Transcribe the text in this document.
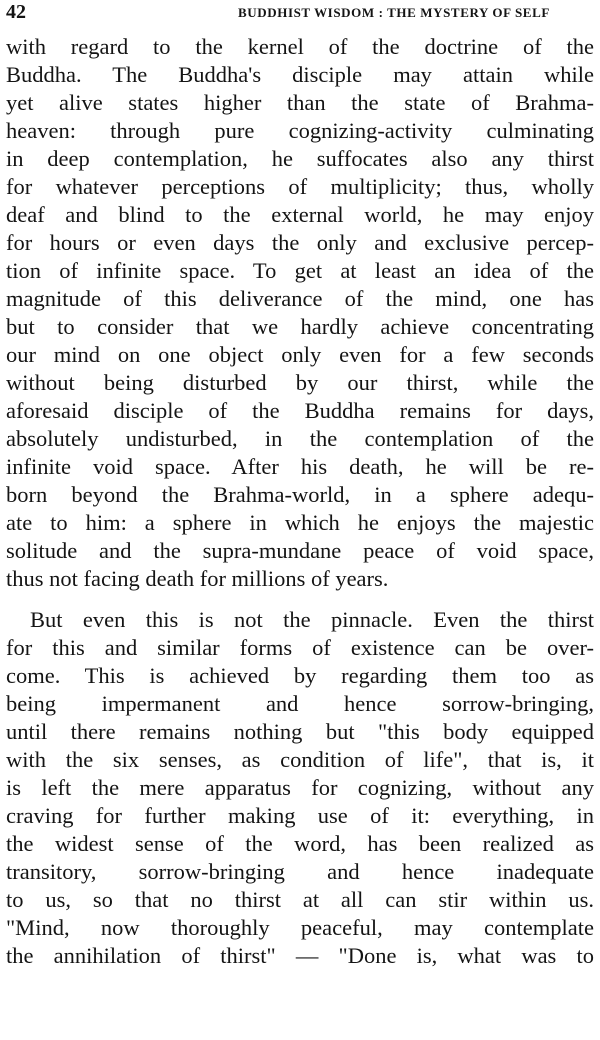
42	BUDDHIST WISDOM : THE MYSTERY OF SELF
with regard to the kernel of the doctrine of the
Buddha. The Buddha's disciple may attain while
yet alive states higher than the state of Brahma-
heaven: through pure cognizing-activity culminating
in deep contemplation, he suffocates also any thirst
for whatever perceptions of multiplicity; thus, wholly
deaf and blind to the external world, he may enjoy
for hours or even days the only and exclusive percep-
tion of infinite space. To get at least an idea of the
magnitude of this deliverance of the mind, one has
but to consider that we hardly achieve concentrating
our mind on one object only even for a few seconds
without being disturbed by our thirst, while the
aforesaid disciple of the Buddha remains for days,
absolutely undisturbed, in the contemplation of the
infinite void space. After his death, he will be re-
born beyond the Brahma-world, in a sphere adequ-
ate to him: a sphere in which he enjoys the majestic
solitude and the supra-mundane peace of void space,
thus not facing death for millions of years.
But even this is not the pinnacle. Even the thirst
for this and similar forms of existence can be over-
come. This is achieved by regarding them too as
being impermanent and hence sorrow-bringing,
until there remains nothing but "this body equipped
with the six senses, as condition of life", that is, it
is left the mere apparatus for cognizing, without any
craving for further making use of it: everything, in
the widest sense of the word, has been realized as
transitory, sorrow-bringing and hence inadequate
to us, so that no thirst at all can stir within us.
"Mind, now thoroughly peaceful, may contemplate
the annihilation of thirst" — "Done is, what was to
